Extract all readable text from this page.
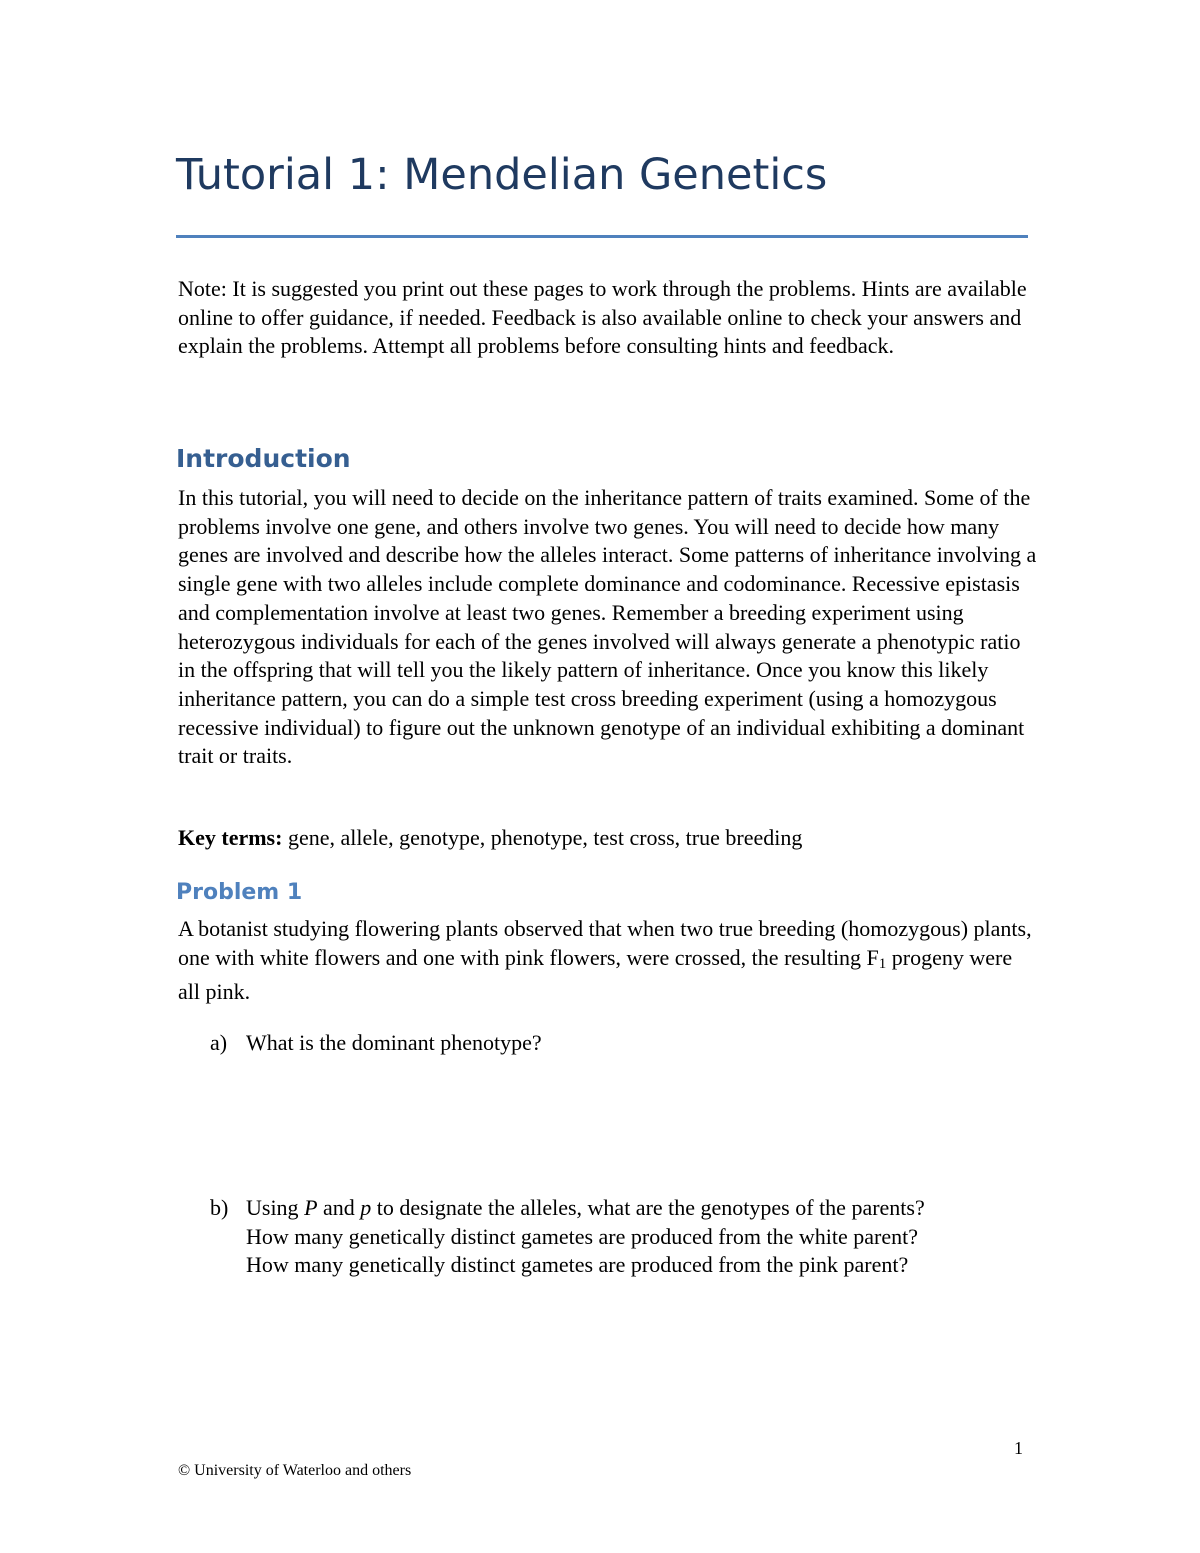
Tutorial 1: Mendelian Genetics

Note: It is suggested you print out these pages to work through the problems. Hints are available online to offer guidance, if needed. Feedback is also available online to check your answers and explain the problems. Attempt all problems before consulting hints and feedback.

Introduction

In this tutorial, you will need to decide on the inheritance pattern of traits examined. Some of the problems involve one gene, and others involve two genes. You will need to decide how many genes are involved and describe how the alleles interact. Some patterns of inheritance involving a single gene with two alleles include complete dominance and codominance. Recessive epistasis and complementation involve at least two genes. Remember a breeding experiment using heterozygous individuals for each of the genes involved will always generate a phenotypic ratio in the offspring that will tell you the likely pattern of inheritance. Once you know this likely inheritance pattern, you can do a simple test cross breeding experiment (using a homozygous recessive individual) to figure out the unknown genotype of an individual exhibiting a dominant trait or traits.

Key terms: gene, allele, genotype, phenotype, test cross, true breeding

Problem 1

A botanist studying flowering plants observed that when two true breeding (homozygous) plants, one with white flowers and one with pink flowers, were crossed, the resulting $F_1$ progeny were all pink.

a) What is the dominant phenotype?
b) Using P and p to designate the alleles, what are the genotypes of the parents?
How many genetically distinct gametes are produced from the white parent?
How many genetically distinct gametes are produced from the pink parent?
1
© University of Waterloo and others
